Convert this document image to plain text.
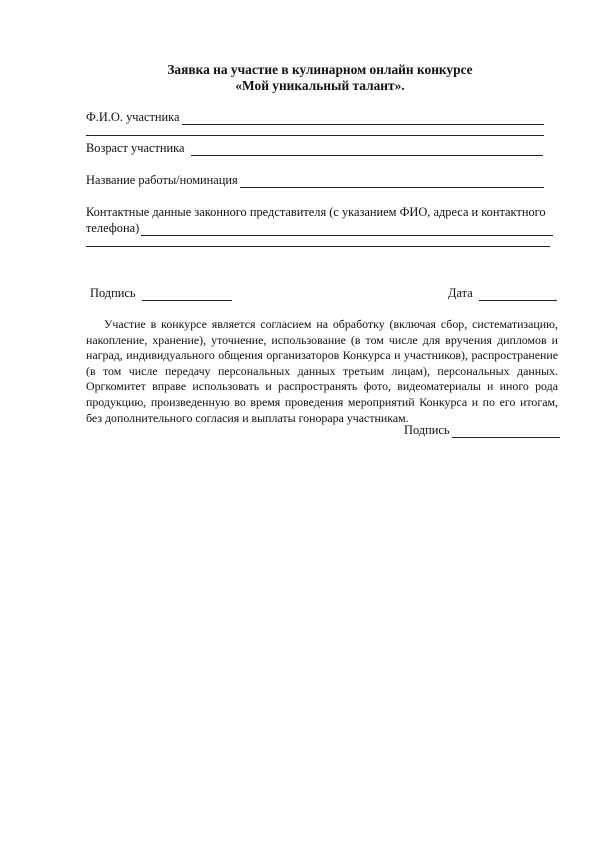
Заявка на участие в кулинарном онлайн конкурсе
«Мой уникальный талант».
Ф.И.О. участника
Возраст участника
Название работы/номинация
Контактные данные законного представителя (с указанием ФИО, адреса и контактного
телефона)
Подпись	Дата
Участие в конкурсе является согласием на обработку (включая сбор, систематизацию, накопление, хранение), уточнение, использование (в том числе для вручения дипломов и наград, индивидуального общения организаторов Конкурса и участников), распространение (в том числе передачу персональных данных третьим лицам), персональных данных. Оргкомитет вправе использовать и распространять фото, видеоматериалы и иного рода продукцию, произведенную во время проведения мероприятий Конкурса и по его итогам, без дополнительного согласия и выплаты гонорара участникам.
Подпись
